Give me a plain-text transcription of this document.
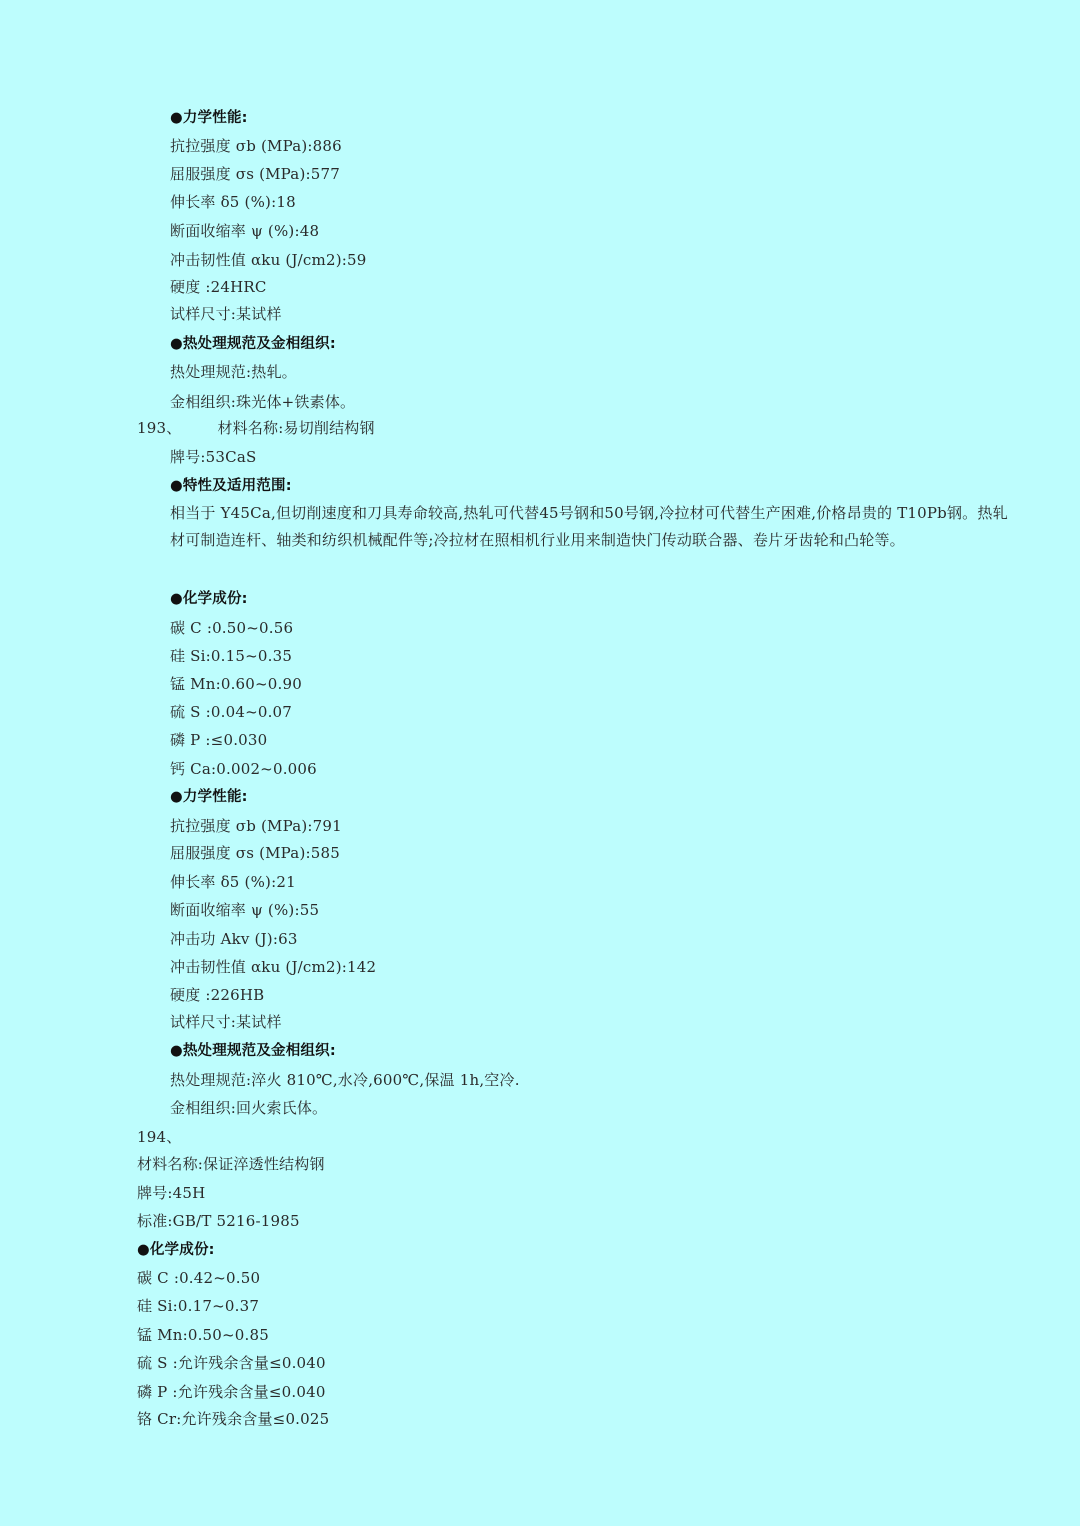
●力学性能:
抗拉强度 σb (MPa):886
屈服强度 σs (MPa):577
伸长率 δ5 (%):18
断面收缩率 ψ (%):48
冲击韧性值 αku (J/cm2):59
硬度 :24HRC
试样尺寸:某试样
●热处理规范及金相组织:
热处理规范:热轧。
金相组织:珠光体+铁素体。
193、 材料名称:易切削结构钢
牌号:53CaS
●特性及适用范围:
相当于 Y45Ca,但切削速度和刀具寿命较高,热轧可代替45号钢和50号钢,冷拉材可代替生产困难,价格昂贵的 T10Pb钢。热轧材可制造连杆、轴类和纺织机械配件等;冷拉材在照相机行业用来制造快门传动联合器、卷片牙齿轮和凸轮等。
●化学成份:
碳 C :0.50~0.56
硅 Si:0.15~0.35
锰 Mn:0.60~0.90
硫 S :0.04~0.07
磷 P :≤0.030
钙 Ca:0.002~0.006
●力学性能:
抗拉强度 σb (MPa):791
屈服强度 σs (MPa):585
伸长率 δ5 (%):21
断面收缩率 ψ (%):55
冲击功 Akv (J):63
冲击韧性值 αku (J/cm2):142
硬度 :226HB
试样尺寸:某试样
●热处理规范及金相组织:
热处理规范:淬火 810℃,水冷,600℃,保温 1h,空冷.
金相组织:回火索氏体。
194、
材料名称:保证淬透性结构钢
牌号:45H
标准:GB/T 5216-1985
●化学成份:
碳 C :0.42~0.50
硅 Si:0.17~0.37
锰 Mn:0.50~0.85
硫 S :允许残余含量≤0.040
磷 P :允许残余含量≤0.040
铬 Cr:允许残余含量≤0.025
